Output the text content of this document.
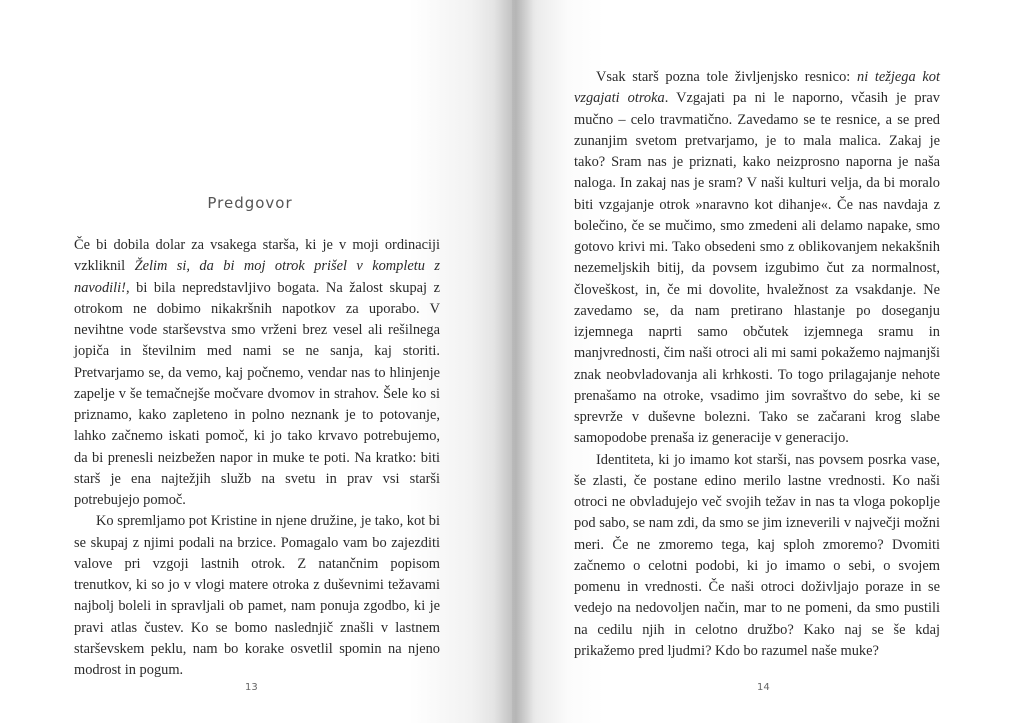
Predgovor

Če bi dobila dolar za vsakega starša, ki je v moji ordinaciji vzkliknil Želim si, da bi moj otrok prišel v kompletu z navodili!, bi bila nepredstavljivo bogata. Na žalost skupaj z otrokom ne dobimo nikakršnih napotkov za uporabo. V nevihtne vode starševstva smo vrženi brez vesel ali rešilnega jopiča in številnim med nami se ne sanja, kaj storiti. Pretvarjamo se, da vemo, kaj počnemo, vendar nas to hlinjenje zapelje v še temačnejše močvare dvomov in strahov. Šele ko si priznamo, kako zapleteno in polno neznank je to potovanje, lahko začnemo iskati pomoč, ki jo tako krvavo potrebujemo, da bi prenesli neizbežen napor in muke te poti. Na kratko: biti starš je ena najtežjih služb na svetu in prav vsi starši potrebujejo pomoč.

Ko spremljamo pot Kristine in njene družine, je tako, kot bi se skupaj z njimi podali na brzice. Pomagalo vam bo zajezditi valove pri vzgoji lastnih otrok. Z natančnim popisom trenutkov, ki so jo v vlogi matere otroka z duševnimi težavami najbolj boleli in spravljali ob pamet, nam ponuja zgodbo, ki je pravi atlas čustev. Ko se bomo naslednjič znašli v lastnem starševskem peklu, nam bo korake osvetlil spomin na njeno modrost in pogum.

13

Vsak starš pozna tole življenjsko resnico: ni težjega kot vzgajati otroka. Vzgajati pa ni le naporno, včasih je prav mučno – celo travmatično. Zavedamo se te resnice, a se pred zunanjim svetom pretvarjamo, je to mala malica. Zakaj je tako? Sram nas je priznati, kako neizprosno naporna je naša naloga. In zakaj nas je sram? V naši kulturi velja, da bi moralo biti vzgajanje otrok »naravno kot dihanje«. Če nas navdaja z bolečino, če se mučimo, smo zmedeni ali delamo napake, smo gotovo krivi mi. Tako obsedeni smo z oblikovanjem nekakšnih nezemeljskih bitij, da povsem izgubimo čut za normalnost, človeškost, in, če mi dovolite, hvaležnost za vsakdanje. Ne zavedamo se, da nam pretirano hlastanje po doseganju izjemnega naprti samo občutek izjemnega sramu in manjvrednosti, čim naši otroci ali mi sami pokažemo najmanjši znak neobvladovanja ali krhkosti. To togo prilagajanje nehote prenašamo na otroke, vsadimo jim sovraštvo do sebe, ki se sprevrže v duševne bolezni. Tako se začarani krog slabe samopodobe prenaša iz generacije v generacijo.

Identiteta, ki jo imamo kot starši, nas povsem posrka vase, še zlasti, če postane edino merilo lastne vrednosti. Ko naši otroci ne obvladujejo več svojih težav in nas ta vloga pokoplje pod sabo, se nam zdi, da smo se jim izneverili v največji možni meri. Če ne zmoremo tega, kaj sploh zmoremo? Dvomiti začnemo o celotni podobi, ki jo imamo o sebi, o svojem pomenu in vrednosti. Če naši otroci doživljajo poraze in se vedejo na nedovoljen način, mar to ne pomeni, da smo pustili na cedilu njih in celotno družbo? Kako naj se še kdaj prikažemo pred ljudmi? Kdo bo razumel naše muke?

14
